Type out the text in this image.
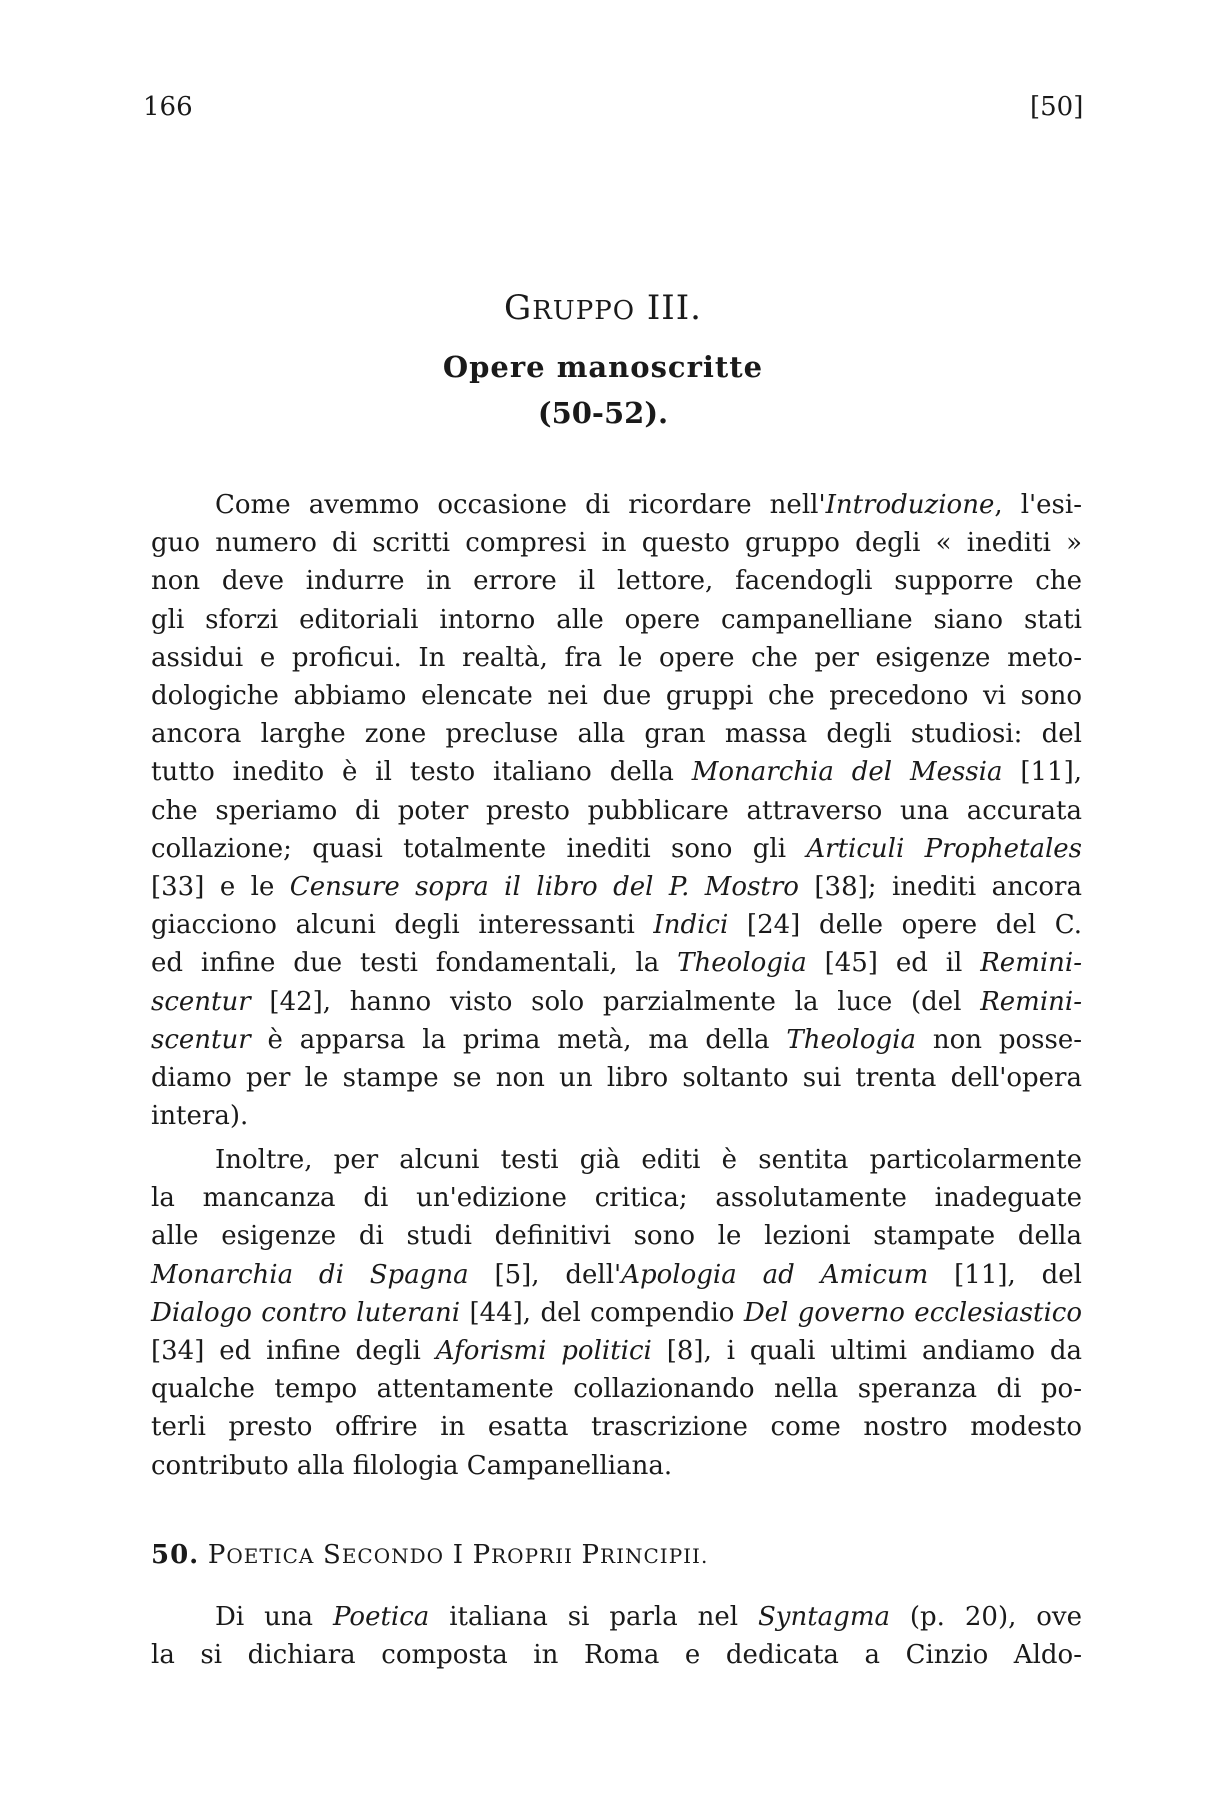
166	[50]
GRUPPO III.
Opere manoscritte
(50-52).
Come avemmo occasione di ricordare nell'Introduzione, l'esi-
guo numero di scritti compresi in questo gruppo degli « inediti »
non deve indurre in errore il lettore, facendogli supporre che
gli sforzi editoriali intorno alle opere campanelliane siano stati
assidui e proficui. In realtà, fra le opere che per esigenze meto-
dologiche abbiamo elencate nei due gruppi che precedono vi sono
ancora larghe zone precluse alla gran massa degli studiosi: del
tutto inedito è il testo italiano della Monarchia del Messia [11],
che speriamo di poter presto pubblicare attraverso una accurata
collazione; quasi totalmente inediti sono gli Articuli Prophetales
[33] e le Censure sopra il libro del P. Mostro [38]; inediti ancora
giacciono alcuni degli interessanti Indici [24] delle opere del C.
ed infine due testi fondamentali, la Theologia [45] ed il Remini-
scentur [42], hanno visto solo parzialmente la luce (del Remini-
scentur è apparsa la prima metà, ma della Theologia non posse-
diamo per le stampe se non un libro soltanto sui trenta dell'opera
intera).
Inoltre, per alcuni testi già editi è sentita particolarmente
la mancanza di un'edizione critica; assolutamente inadeguate
alle esigenze di studi definitivi sono le lezioni stampate della
Monarchia di Spagna [5], dell'Apologia ad Amicum [11], del
Dialogo contro luterani [44], del compendio Del governo ecclesiastico
[34] ed infine degli Aforismi politici [8], i quali ultimi andiamo da
qualche tempo attentamente collazionando nella speranza di po-
terli presto offrire in esatta trascrizione come nostro modesto
contributo alla filologia Campanelliana.
50. POETICA SECONDO I PROPRII PRINCIPII.
Di una Poetica italiana si parla nel Syntagma (p. 20), ove
la si dichiara composta in Roma e dedicata a Cinzio Aldo-
